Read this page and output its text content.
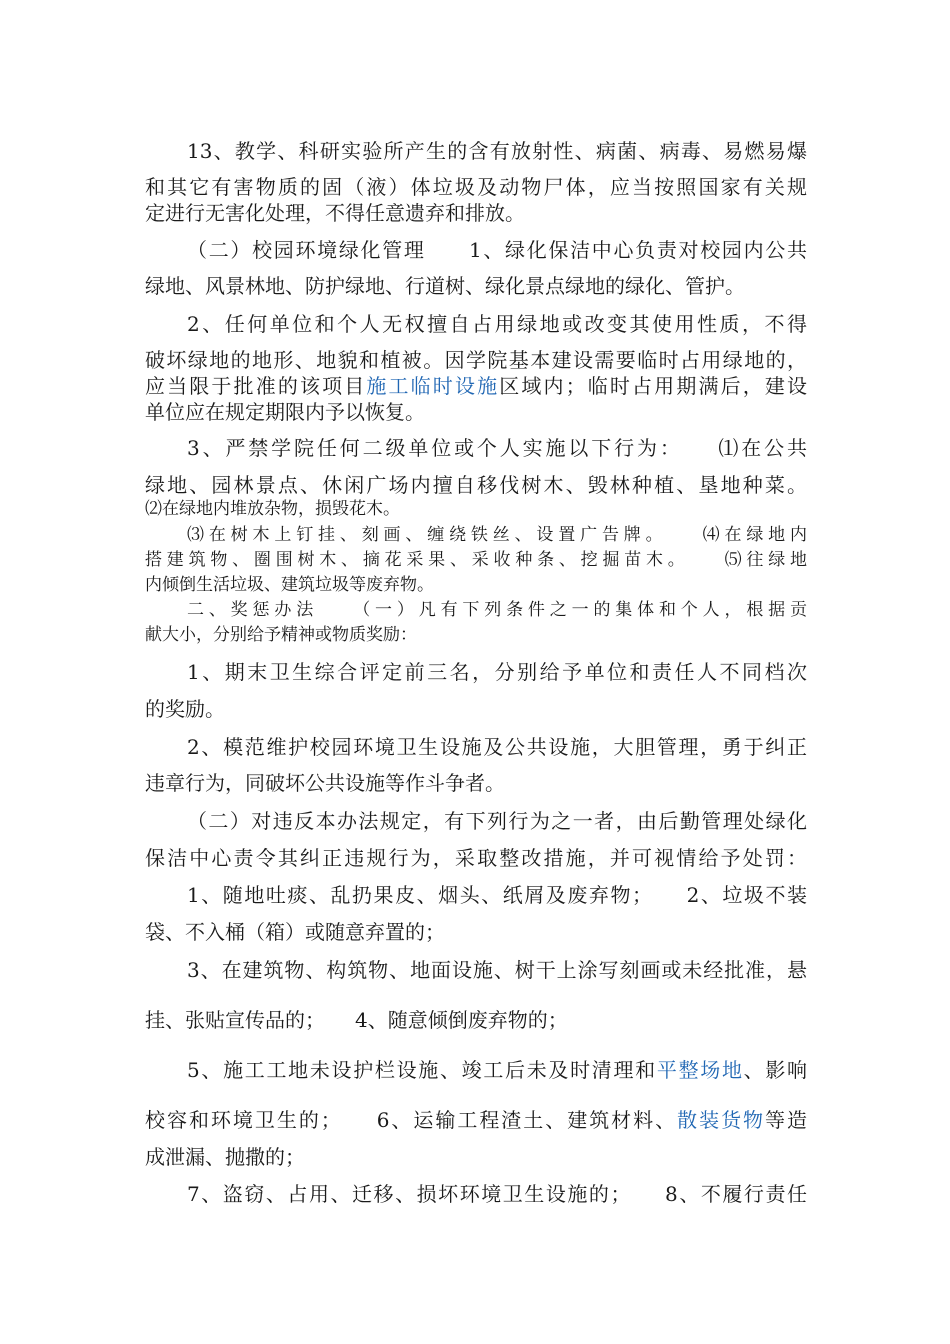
13、教学、科研实验所产生的含有放射性、病菌、病毒、易燃易爆
和其它有害物质的固（液）体垃圾及动物尸体，应当按照国家有关规
定进行无害化处理，不得任意遗弃和排放。
（二）校园环境绿化管理　　1、绿化保洁中心负责对校园内公共
绿地、风景林地、防护绿地、行道树、绿化景点绿地的绿化、管护。
2、任何单位和个人无权擅自占用绿地或改变其使用性质，不得
破坏绿地的地形、地貌和植被。因学院基本建设需要临时占用绿地的，
应当限于批准的该项目施工临时设施区域内；临时占用期满后，建设
单位应在规定期限内予以恢复。
3、严禁学院任何二级单位或个人实施以下行为：　　⑴在公共
绿地、园林景点、休闲广场内擅自移伐树木、毁林种植、垦地种菜。
⑵在绿地内堆放杂物，损毁花木。
⑶在树木上钉挂、刻画、缠绕铁丝、设置广告牌。　　⑷在绿地内
搭建筑物、圈围树木、摘花采果、采收种条、挖掘苗木。　　⑸往绿地
内倾倒生活垃圾、建筑垃圾等废弃物。
二、奖惩办法　　（一）凡有下列条件之一的集体和个人，根据贡
献大小，分别给予精神或物质奖励：
1、期末卫生综合评定前三名，分别给予单位和责任人不同档次
的奖励。
2、模范维护校园环境卫生设施及公共设施，大胆管理，勇于纠正
违章行为，同破坏公共设施等作斗争者。
（二）对违反本办法规定，有下列行为之一者，由后勤管理处绿化
保洁中心责令其纠正违规行为，采取整改措施，并可视情给予处罚：
1、随地吐痰、乱扔果皮、烟头、纸屑及废弃物；　　2、垃圾不装
袋、不入桶（箱）或随意弃置的；
3、在建筑物、构筑物、地面设施、树干上涂写刻画或未经批准，悬
挂、张贴宣传品的；　　4、随意倾倒废弃物的；
5、施工工地未设护栏设施、竣工后未及时清理和平整场地、影响
校容和环境卫生的；　　6、运输工程渣土、建筑材料、散装货物等造
成泄漏、抛撒的；
7、盗窃、占用、迁移、损坏环境卫生设施的；　　8、不履行责任
